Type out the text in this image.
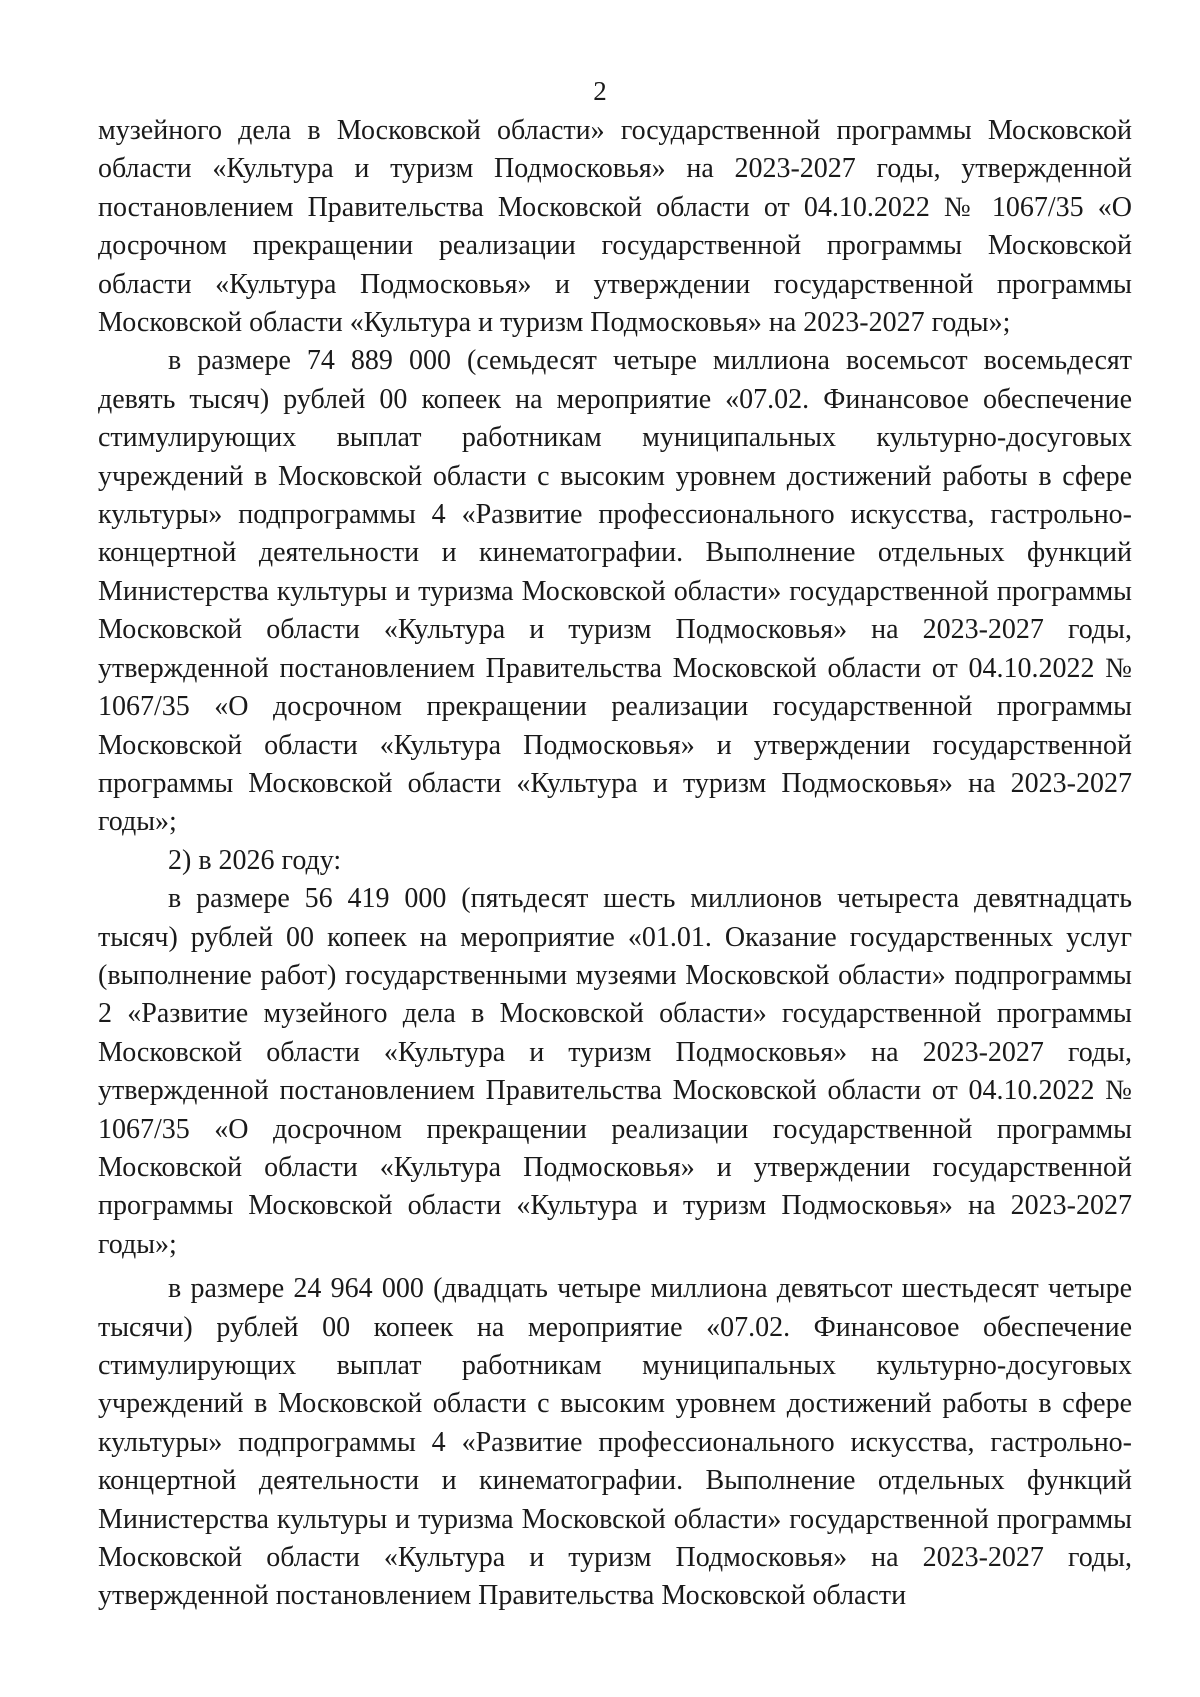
2

музейного дела в Московской области» государственной программы Московской области «Культура и туризм Подмосковья» на 2023-2027 годы, утвержденной постановлением Правительства Московской области от 04.10.2022 № 1067/35 «О досрочном прекращении реализации государственной программы Московской области «Культура Подмосковья» и утверждении государственной программы Московской области «Культура и туризм Подмосковья» на 2023-2027 годы»;

в размере 74 889 000 (семьдесят четыре миллиона восемьсот восемьдесят девять тысяч) рублей 00 копеек на мероприятие «07.02. Финансовое обеспечение стимулирующих выплат работникам муниципальных культурно-досуговых учреждений в Московской области с высоким уровнем достижений работы в сфере культуры» подпрограммы 4 «Развитие профессионального искусства, гастрольно-концертной деятельности и кинематографии. Выполнение отдельных функций Министерства культуры и туризма Московской области» государственной программы Московской области «Культура и туризм Подмосковья» на 2023-2027 годы, утвержденной постановлением Правительства Московской области от 04.10.2022 № 1067/35 «О досрочном прекращении реализации государственной программы Московской области «Культура Подмосковья» и утверждении государственной программы Московской области «Культура и туризм Подмосковья» на 2023-2027 годы»;

2) в 2026 году:

в размере 56 419 000 (пятьдесят шесть миллионов четыреста девятнадцать тысяч) рублей 00 копеек на мероприятие «01.01. Оказание государственных услуг (выполнение работ) государственными музеями Московской области» подпрограммы 2 «Развитие музейного дела в Московской области» государственной программы Московской области «Культура и туризм Подмосковья» на 2023-2027 годы, утвержденной постановлением Правительства Московской области от 04.10.2022 № 1067/35 «О досрочном прекращении реализации государственной программы Московской области «Культура Подмосковья» и утверждении государственной программы Московской области «Культура и туризм Подмосковья» на 2023-2027 годы»;

в размере 24 964 000 (двадцать четыре миллиона девятьсот шестьдесят четыре тысячи) рублей 00 копеек на мероприятие «07.02. Финансовое обеспечение стимулирующих выплат работникам муниципальных культурно-досуговых учреждений в Московской области с высоким уровнем достижений работы в сфере культуры» подпрограммы 4 «Развитие профессионального искусства, гастрольно-концертной деятельности и кинематографии. Выполнение отдельных функций Министерства культуры и туризма Московской области» государственной программы Московской области «Культура и туризм Подмосковья» на 2023-2027 годы, утвержденной постановлением Правительства Московской области
